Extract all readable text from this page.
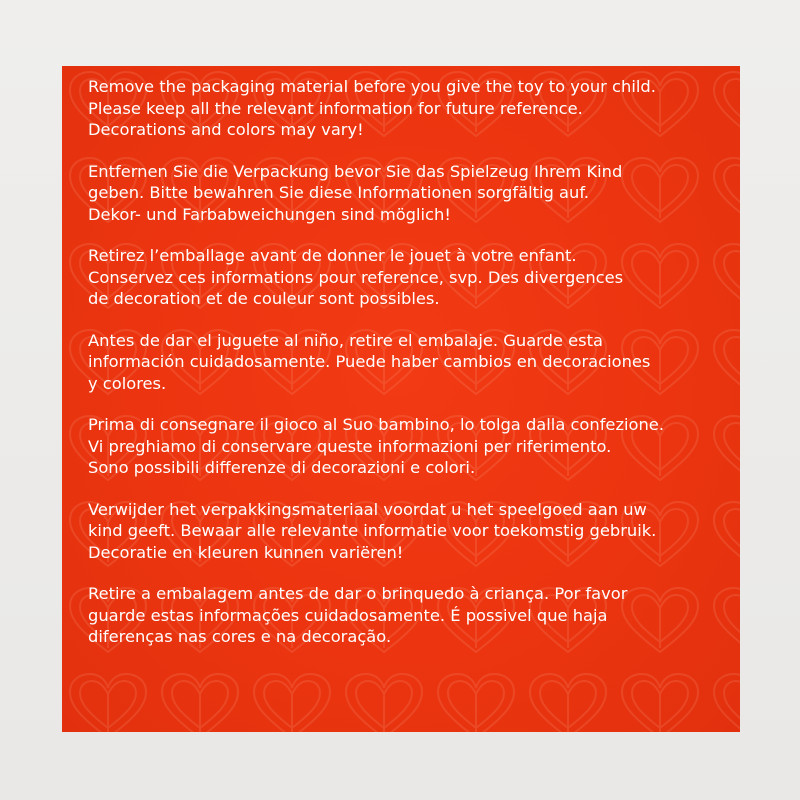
Remove the packaging material before you give the toy to your child.
Please keep all the relevant information for future reference.
Decorations and colors may vary!

Entfernen Sie die Verpackung bevor Sie das Spielzeug Ihrem Kind
geben. Bitte bewahren Sie diese Informationen sorgfältig auf.
Dekor- und Farbabweichungen sind möglich!

Retirez l’emballage avant de donner le jouet à votre enfant.
Conservez ces informations pour reference, svp. Des divergences
de decoration et de couleur sont possibles.

Antes de dar el juguete al niño, retire el embalaje. Guarde esta
información cuidadosamente. Puede haber cambios en decoraciones
y colores.

Prima di consegnare il gioco al Suo bambino, lo tolga dalla confezione.
Vi preghiamo di conservare queste informazioni per riferimento.
Sono possibili differenze di decorazioni e colori.

Verwijder het verpakkingsmateriaal voordat u het speelgoed aan uw
kind geeft. Bewaar alle relevante informatie voor toekomstig gebruik.
Decoratie en kleuren kunnen variëren!

Retire a embalagem antes de dar o brinquedo à criança. Por favor
guarde estas informações cuidadosamente. É possivel que haja
diferenças nas cores e na decoração.
